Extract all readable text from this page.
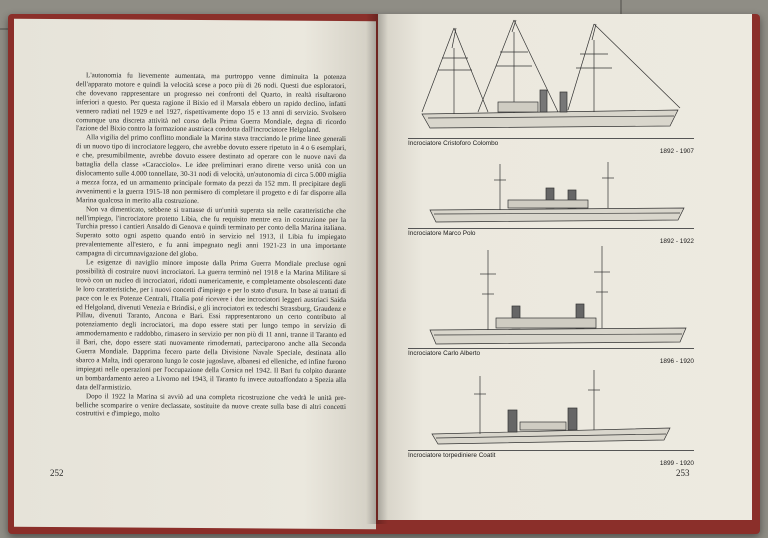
L'autonomia fu lievemente aumentata, ma purtroppo venne diminuita la potenza dell'apparato motore e quindi la velocità scese a poco più di 26 nodi. Questi due esploratori, che dovevano rappresentare un progresso nei confronti del Quarto, in realtà risultarono inferiori a questo. Per questa ragione il Bixio ed il Marsala ebbero un rapido declino, infatti vennero radiati nel 1929 e nel 1927, rispettivamente dopo 15 e 13 anni di servizio. Svolsero comunque una discreta attività nel corso della Prima Guerra Mondiale, degna di ricordo l'azione del Bixio contro la formazione austriaca condotta dall'incrociatore Helgoland.

Alla vigilia del primo conflitto mondiale la Marina stava tracciando le prime linee generali di un nuovo tipo di incrociatore leggero, che avrebbe dovuto essere ripetuto in 4 o 6 esemplari, e che, presumibilmente, avrebbe dovuto essere destinato ad operare con le nuove navi da battaglia della classe «Caracciolo». Le idee preliminari erano dirette verso unità con un dislocamento sulle 4.000 tonnellate, 30-31 nodi di velocità, un'autonomia di circa 5.000 miglia a mezza forza, ed un armamento principale formato da pezzi da 152 mm. Il precipitare degli avvenimenti e la guerra 1915-18 non permisero di completare il progetto e di far disporre alla Marina qualcosa in merito alla costruzione.

Non va dimenticato, sebbene si trattasse di un'unità superata sia nelle caratteristiche che nell'impiego, l'incrociatore protetto Libia, che fu requisito mentre era in costruzione per la Turchia presso i cantieri Ansaldo di Genova e quindi terminato per conto della Marina italiana. Superato sotto ogni aspetto quando entrò in servizio nel 1913, il Libia fu impiegato prevalentemente all'estero, e fu anni impegnato negli anni 1921-23 in una importante campagna di circumnavigazione del globo.

Le esigenze di naviglio minore imposte dalla Prima Guerra Mondiale precluse ogni possibilità di costruire nuovi incrociatori. La guerra terminò nel 1918 e la Marina Militare si trovò con un nucleo di incrociatori, ridotti numericamente, e completamente obsolescenti date le loro caratteristiche, per i nuovi concetti d'impiego e per lo stato d'usura. In base ai trattati di pace con le ex Potenze Centrali, l'Italia poté ricevere i due incrociatori leggeri austriaci Saida ed Helgoland, divenuti Venezia e Brindisi, e gli incrociatori ex tedeschi Strassburg, Graudenz e Pillau, divenuti Taranto, Ancona e Bari. Essi rappresentarono un certo contributo al potenziamento degli incrociatori, ma dopo essere stati per lungo tempo in servizio di ammodernamento e raddobbo, rimasero in servizio per non più di 11 anni, tranne il Taranto ed il Bari, che, dopo essere stati nuovamente rimodernati, parteciparono anche alla Seconda Guerra Mondiale. Dapprima fecero parte della Divisione Navale Speciale, destinata allo sbarco a Malta, indi operarono lungo le coste jugoslave, albanesi ed elleniche, ed infine furono impiegati nelle operazioni per l'occupazione della Corsica nel 1942. Il Bari fu colpito durante un bombardamento aereo a Livorno nel 1943, il Taranto fu invece autoaffondato a Spezia alla data dell'armistizio.

Dopo il 1922 la Marina si avviò ad una completa ricostruzione che vedrà le unità pre-belliche scomparire o venire declassate, sostituite da nuove create sulla base di altri concetti costruttivi e d'impiego, molto

252
Incrociatore Cristoforo Colombo
1892 - 1907
Incrociatore Marco Polo
1892 - 1922
Incrociatore Carlo Alberto
1896 - 1920
Incrociatore torpediniere Coatit
1899 - 1920
253
